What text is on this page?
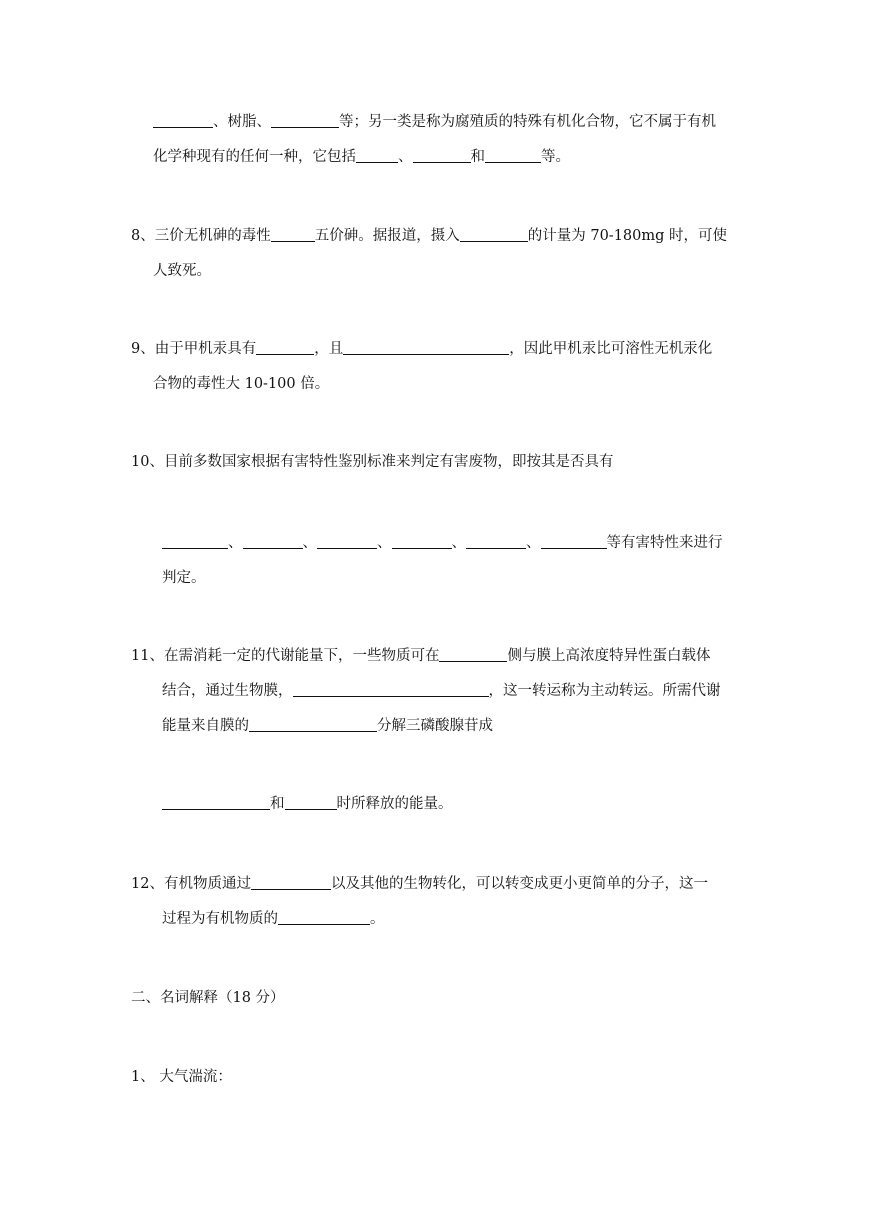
、树脂、	等；另一类是称为腐殖质的特殊有机化合物，它不属于有机
化学种现有的任何一种，它包括	、	和	等。
8、三价无机砷的毒性	五价砷。据报道，摄入	的计量为 70-180mg 时，可使
人致死。
9、由于甲机汞具有	，且	，因此甲机汞比可溶性无机汞化
合物的毒性大 10-100 倍。
10、目前多数国家根据有害特性鉴别标准来判定有害废物，即按其是否具有
、	、	、	、	、	等有害特性来进行
判定。
11、在需消耗一定的代谢能量下，一些物质可在	侧与膜上高浓度特异性蛋白载体
结合，通过生物膜，	，这一转运称为主动转运。所需代谢
能量来自膜的	分解三磷酸腺苷成
和	时所释放的能量。
12、有机物质通过	以及其他的生物转化，可以转变成更小更简单的分子，这一
过程为有机物质的	。
二、名词解释（18 分）
1、 大气湍流：
